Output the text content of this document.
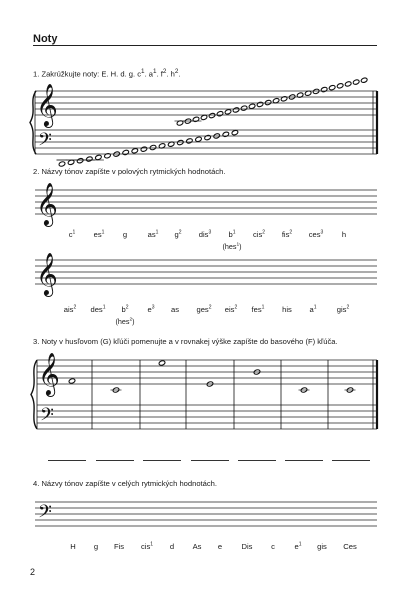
Noty
1. Zakrúžkujte noty: E. H. d. g. $c^1$. $a^1$. $f^2$. $h^2$.
2. Názvy tónov zapíšte v polových rytmických hodnotách.
3. Noty v husľovom (G) kľúči pomenujte a v rovnakej výške zapíšte do basového (F) kľúča.
4. Názvy tónov zapíšte v celých rytmických hodnotách.
𝄞
𝄢
𝄞
𝄞
𝄞
𝄢
𝄢
$c^1$	$es^1$	g	$as^1$	$g^2$	dis$^3$	$b^1$	cis$^2$	fis$^2$	ces$^3$	h
(hes$^1$)
ais$^2$	des$^1$	$b^2$	$e^3$	as	ges$^2$	eis$^2$	fes$^1$	his	$a^1$	gis$^2$
(hes$^2$)
H	g	Fis	cis$^1$	d	As	e	Dis	c	$e^1$	gis	Ces
2
